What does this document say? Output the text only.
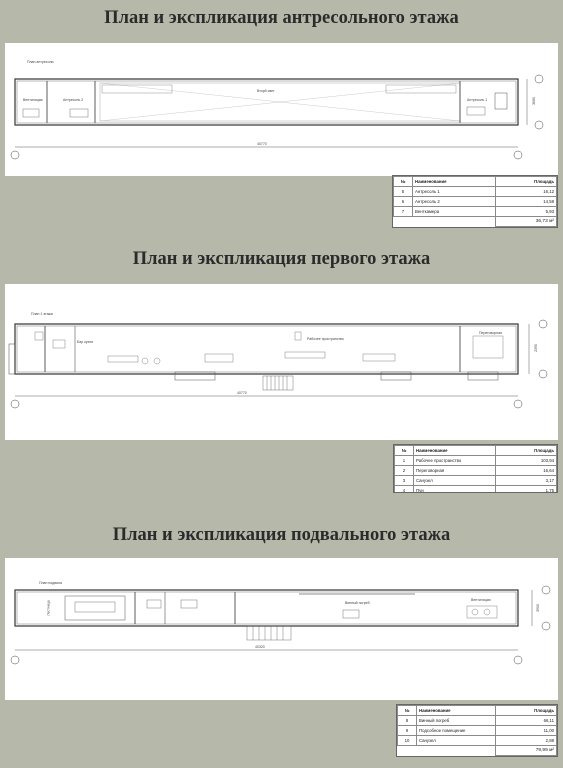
План и экспликация антресольного этажа
План антресоли
Вентиляция	Антресоль 2
Вторй свет
Антресоль 1
40770
3680
№	Наименование	Площадь
5	Антресоль 1	16,12
6	Антресоль 2	14,58
7	Венткамера	5,93
		36,73 м²
План и экспликация первого этажа
План 1 этажа
Рабочее пространство
Переговорная
Бар кухня
40770
2390
№	Наименование	Площадь
1	Рабочее пространство	103,94
2	Переговорная	16,64
3	Санузел	3,17
4	Пуи	1,75
План и экспликация подвального этажа
План подвала
Винный погреб
Вентиляция
Лестница
40320
3900
№	Наименование	Площадь
8	Винный погреб	66,11
9	Подсобное помещение	11,00
10	Санузел	2,88
		79,99 м²
